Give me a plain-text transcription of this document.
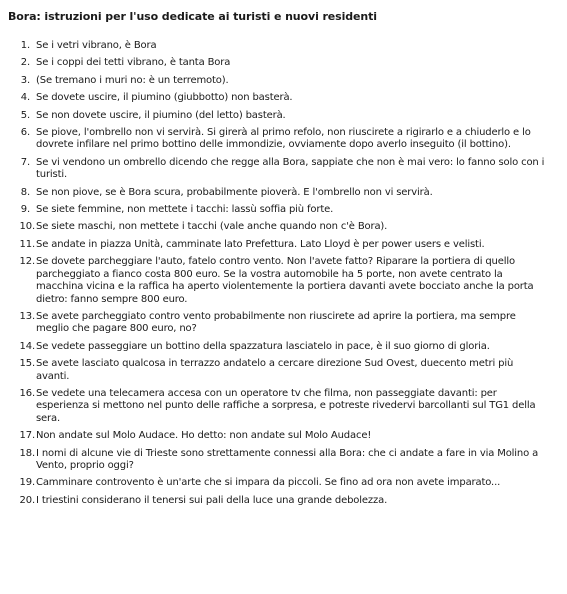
Bora: istruzioni per l'uso dedicate ai turisti e nuovi residenti
1. Se i vetri vibrano, è Bora
2. Se i coppi dei tetti vibrano, è tanta Bora
3. (Se tremano i muri no: è un terremoto).
4. Se dovete uscire, il piumino (giubbotto) non basterà.
5. Se non dovete uscire, il piumino (del letto) basterà.
6. Se piove, l'ombrello non vi servirà. Si girerà al primo refolo, non riuscirete a rigirarlo e a chiuderlo e lo dovrete infilare nel primo bottino delle immondizie, ovviamente dopo averlo inseguito (il bottino).
7. Se vi vendono un ombrello dicendo che regge alla Bora, sappiate che non è mai vero: lo fanno solo con i turisti.
8. Se non piove, se è Bora scura, probabilmente pioverà. E l'ombrello non vi servirà.
9. Se siete femmine, non mettete i tacchi: lassù soffia più forte.
10. Se siete maschi, non mettete i tacchi (vale anche quando non c'è Bora).
11. Se andate in piazza Unità, camminate lato Prefettura. Lato Lloyd è per power users e velisti.
12. Se dovete parcheggiare l'auto, fatelo contro vento. Non l'avete fatto? Riparare la portiera di quello parcheggiato a fianco costa 800 euro. Se la vostra automobile ha 5 porte, non avete centrato la macchina vicina e la raffica ha aperto violentemente la portiera davanti avete bocciato anche la porta dietro: fanno sempre 800 euro.
13. Se avete parcheggiato contro vento probabilmente non riuscirete ad aprire la portiera, ma sempre meglio che pagare 800 euro, no?
14. Se vedete passeggiare un bottino della spazzatura lasciatelo in pace, è il suo giorno di gloria.
15. Se avete lasciato qualcosa in terrazzo andatelo a cercare direzione Sud Ovest, duecento metri più avanti.
16. Se vedete una telecamera accesa con un operatore tv che filma, non passeggiate davanti: per esperienza si mettono nel punto delle raffiche a sorpresa, e potreste rivedervi barcollanti sul TG1 della sera.
17. Non andate sul Molo Audace. Ho detto: non andate sul Molo Audace!
18. I nomi di alcune vie di Trieste sono strettamente connessi alla Bora: che ci andate a fare in via Molino a Vento, proprio oggi?
19. Camminare controvento è un'arte che si impara da piccoli. Se fino ad ora non avete imparato...
20. I triestini considerano il tenersi sui pali della luce una grande debolezza.
